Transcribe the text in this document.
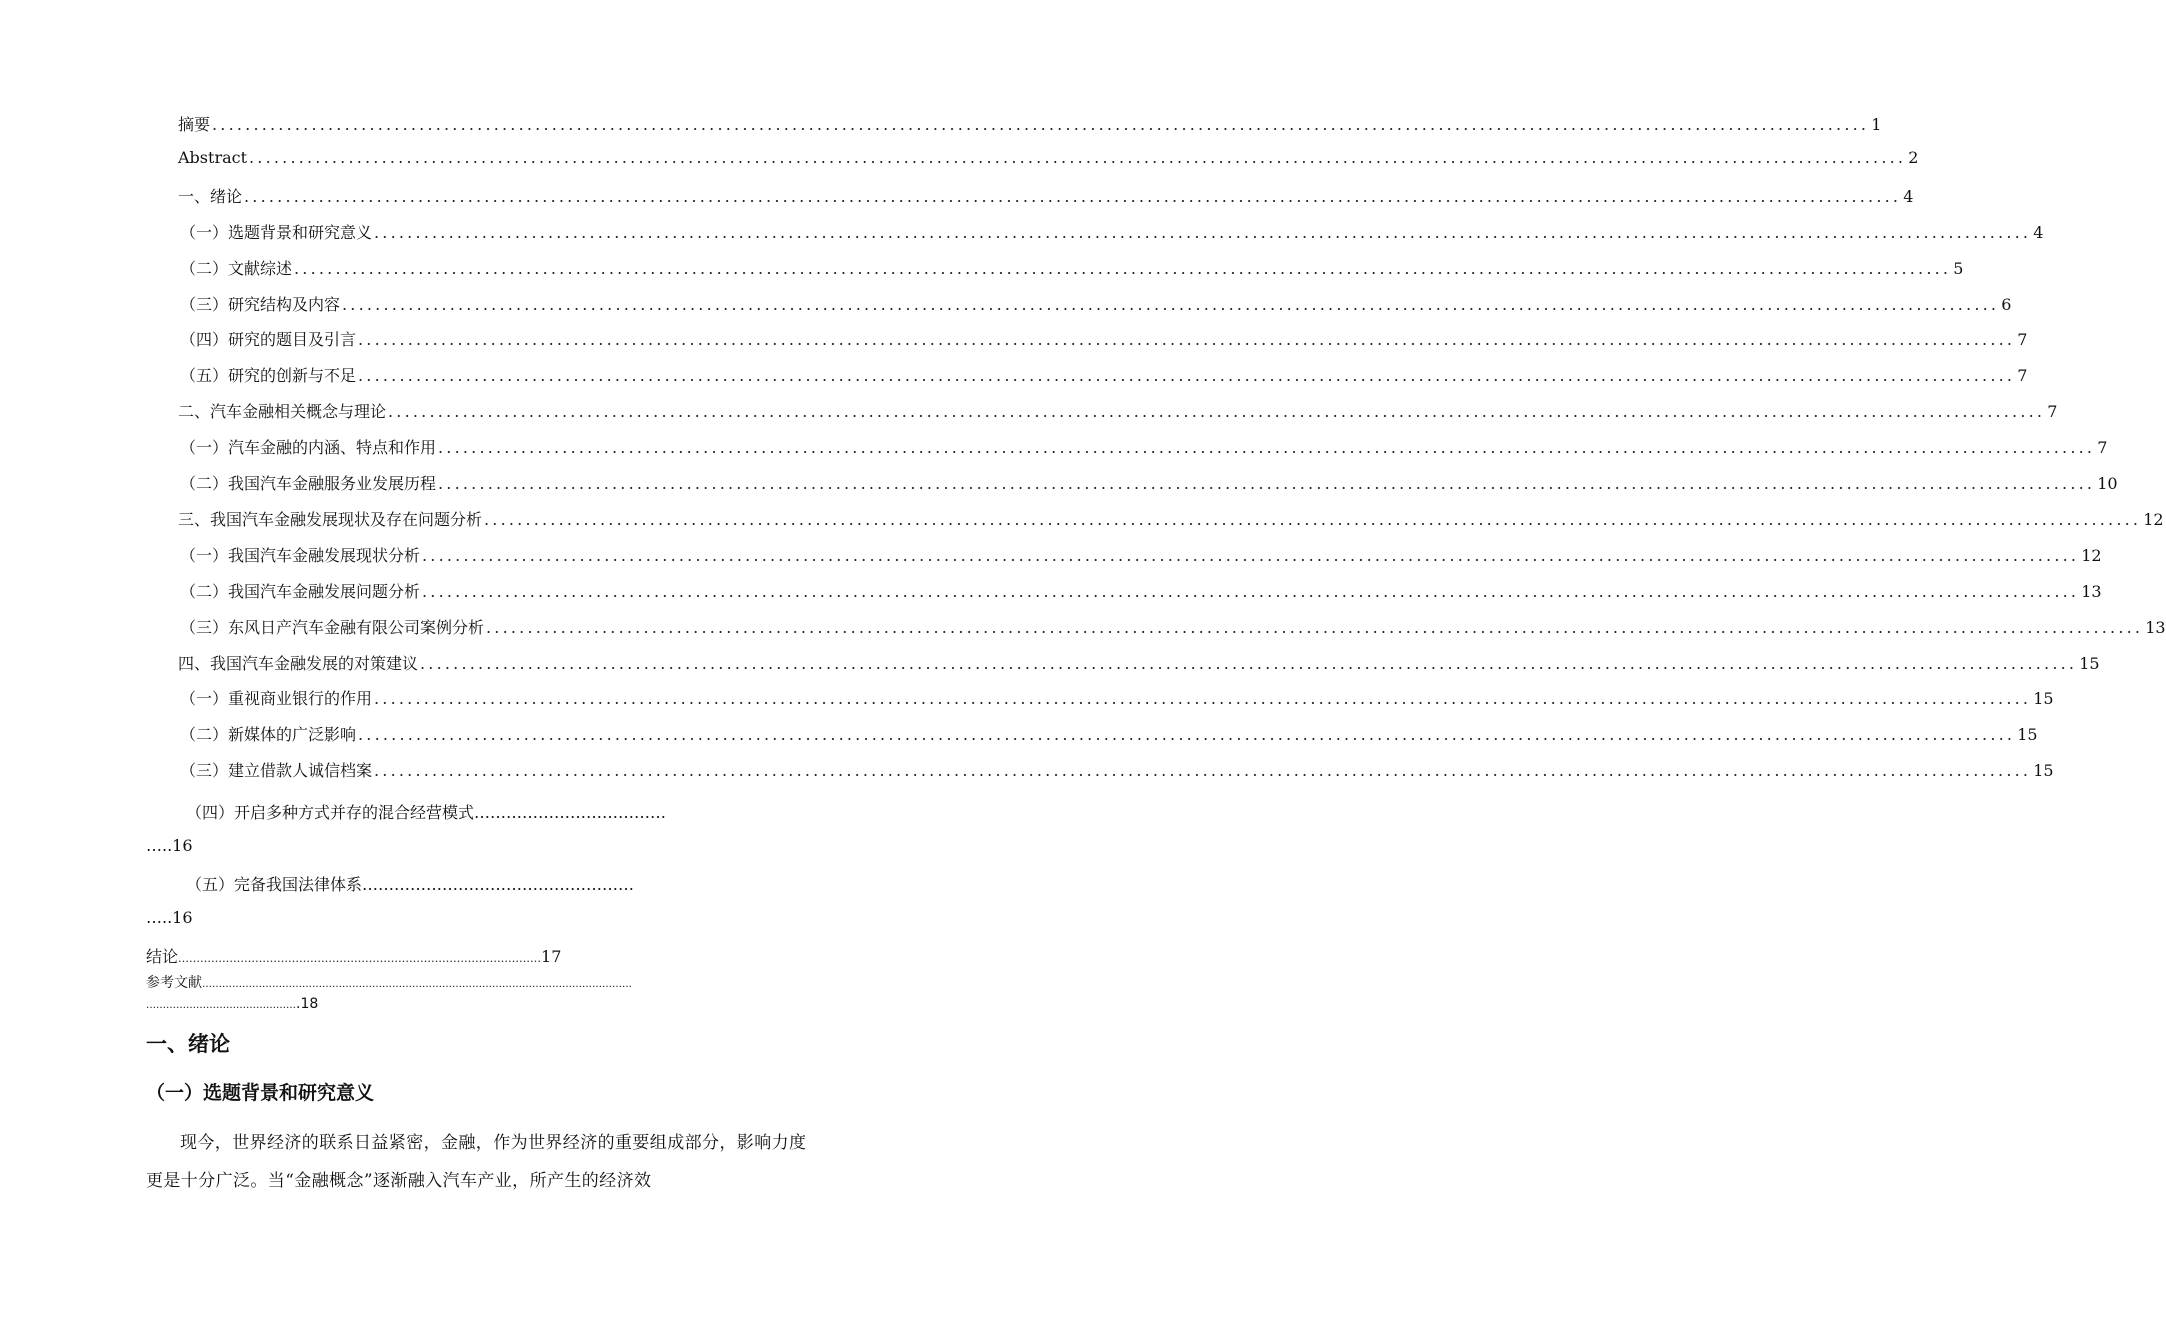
摘要 ........................................................................................................................................................................................................ 1
Abstract ........................................................................................................................................................................................................ 2
一、绪论 ........................................................................................................................................................................................................ 4
（一）选题背景和研究意义 ........................................................................................................................................................................................................ 4
（二）文献综述 ........................................................................................................................................................................................................ 5
（三）研究结构及内容 ........................................................................................................................................................................................................ 6
（四）研究的题目及引言 ........................................................................................................................................................................................................ 7
（五）研究的创新与不足 ........................................................................................................................................................................................................ 7
二、汽车金融相关概念与理论 ........................................................................................................................................................................................................ 7
（一）汽车金融的内涵、特点和作用 ........................................................................................................................................................................................................ 7
（二）我国汽车金融服务业发展历程 ........................................................................................................................................................................................................ 10
三、我国汽车金融发展现状及存在问题分析 ........................................................................................................................................................................................................ 12
（一）我国汽车金融发展现状分析 ........................................................................................................................................................................................................ 12
（二）我国汽车金融发展问题分析 ........................................................................................................................................................................................................ 13
（三）东风日产汽车金融有限公司案例分析 ........................................................................................................................................................................................................ 13
四、我国汽车金融发展的对策建议 ........................................................................................................................................................................................................ 15
（一）重视商业银行的作用 ........................................................................................................................................................................................................ 15
（二）新媒体的广泛影响 ........................................................................................................................................................................................................ 15
（三）建立借款人诚信档案 ........................................................................................................................................................................................................ 15
（四）开启多种方式并存的混合经营模式………………………………
…..16
（五）完备我国法律体系……………………………………………
…..16
结论………………………………………………………………………………………17
参考文献…………………………………………………………………………………………………………………
……………………………………….18
一、绪论
（一）选题背景和研究意义
现今，世界经济的联系日益紧密，金融，作为世界经济的重要组成部分，影响力度更是十分广泛。当“金融概念”逐渐融入汽车产业，所产生的经济效
